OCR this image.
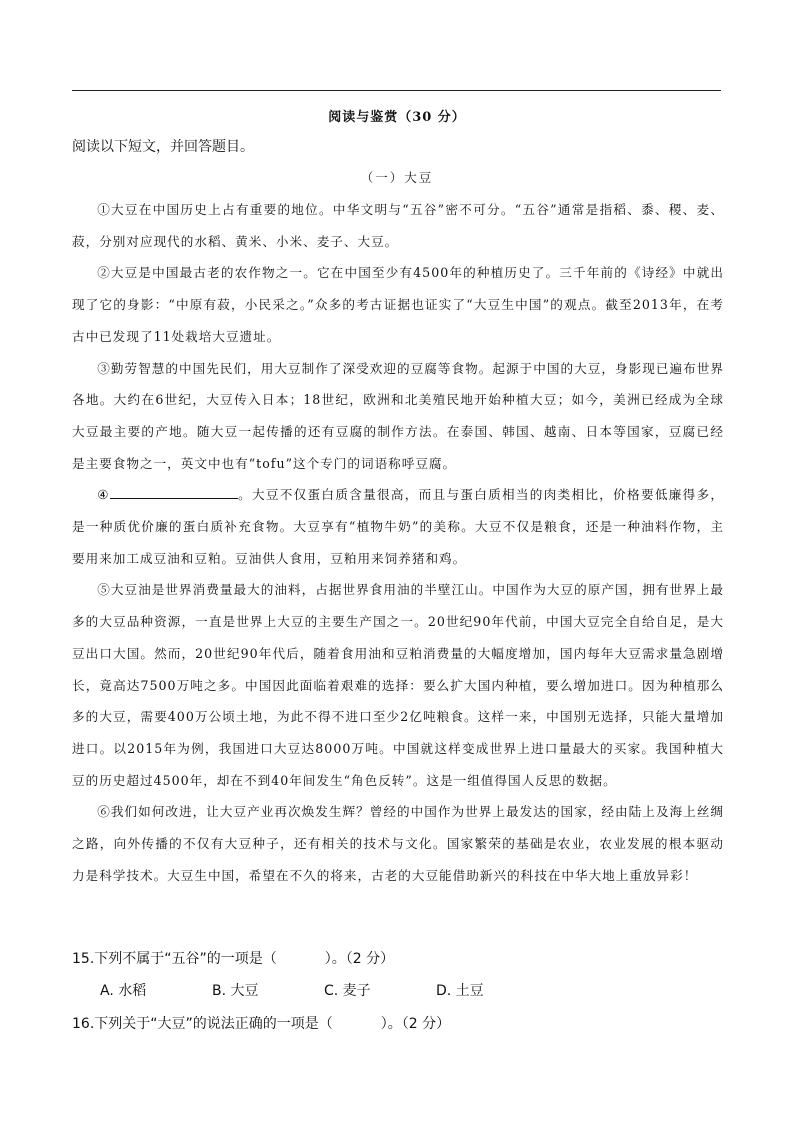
阅读与鉴赏（30 分）
阅读以下短文，并回答题目。
（一）大豆

①大豆在中国历史上占有重要的地位。中华文明与“五谷”密不可分。“五谷”通常是指稻、黍、稷、麦、菽，分别对应现代的水稻、黄米、小米、麦子、大豆。

②大豆是中国最古老的农作物之一。它在中国至少有4500年的种植历史了。三千年前的《诗经》中就出现了它的身影：“中原有菽，小民采之。”众多的考古证据也证实了“大豆生中国”的观点。截至2013年，在考古中已发现了11处栽培大豆遗址。

③勤劳智慧的中国先民们，用大豆制作了深受欢迎的豆腐等食物。起源于中国的大豆，身影现已遍布世界各地。大约在6世纪，大豆传入日本；18世纪，欧洲和北美殖民地开始种植大豆；如今，美洲已经成为全球大豆最主要的产地。随大豆一起传播的还有豆腐的制作方法。在泰国、韩国、越南、日本等国家，豆腐已经是主要食物之一，英文中也有“tofu”这个专门的词语称呼豆腐。

④	。大豆不仅蛋白质含量很高，而且与蛋白质相当的肉类相比，价格要低廉得多，是一种质优价廉的蛋白质补充食物。大豆享有“植物牛奶”的美称。大豆不仅是粮食，还是一种油料作物，主要用来加工成豆油和豆粕。豆油供人食用，豆粕用来饲养猪和鸡。

⑤大豆油是世界消费量最大的油料，占据世界食用油的半壁江山。中国作为大豆的原产国，拥有世界上最多的大豆品种资源，一直是世界上大豆的主要生产国之一。20世纪90年代前，中国大豆完全自给自足，是大豆出口大国。然而，20世纪90年代后，随着食用油和豆粕消费量的大幅度增加，国内每年大豆需求量急剧增长，竟高达7500万吨之多。中国因此面临着艰难的选择：要么扩大国内种植，要么增加进口。因为种植那么多的大豆，需要400万公顷土地，为此不得不进口至少2亿吨粮食。这样一来，中国别无选择，只能大量增加进口。以2015年为例，我国进口大豆达8000万吨。中国就这样变成世界上进口量最大的买家。我国种植大豆的历史超过4500年，却在不到40年间发生“角色反转”。这是一组值得国人反思的数据。

⑥我们如何改进，让大豆产业再次焕发生辉？曾经的中国作为世界上最发达的国家，经由陆上及海上丝绸之路，向外传播的不仅有大豆种子，还有相关的技术与文化。国家繁荣的基础是农业，农业发展的根本驱动力是科学技术。大豆生中国，希望在不久的将来，古老的大豆能借助新兴的科技在中华大地上重放异彩！

15.下列不属于“五谷”的一项是（	）。（2 分）
A. 水稻	B. 大豆	C. 麦子	D. 土豆
16.下列关于“大豆”的说法正确的一项是（	）。（2 分）
